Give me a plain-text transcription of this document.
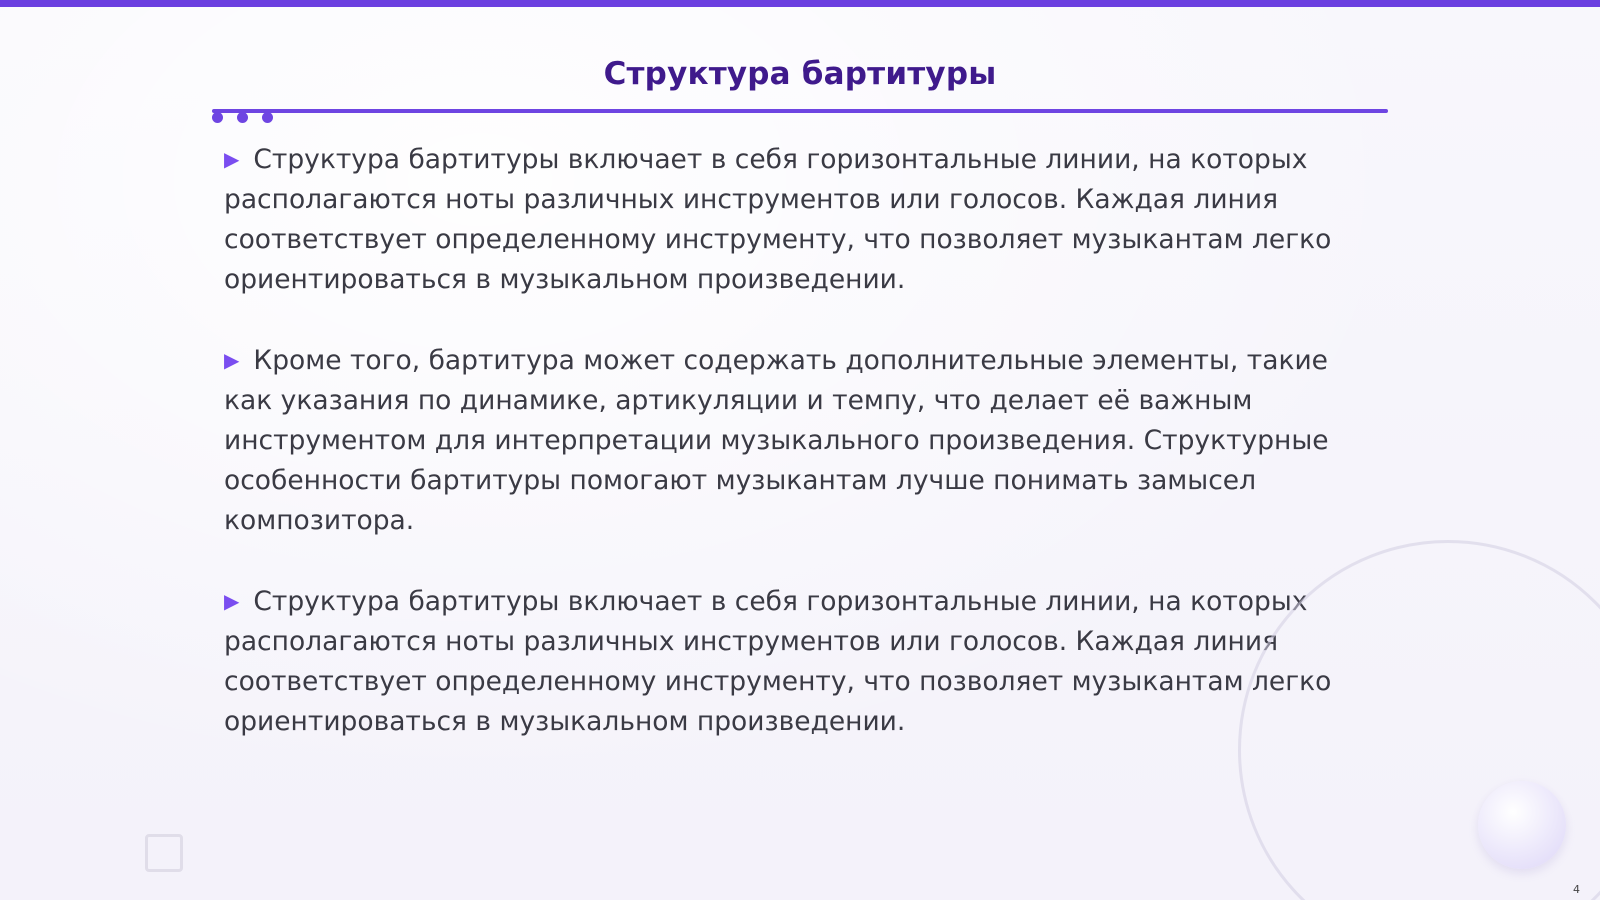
Структура бартитуры

▶ Структура бартитуры включает в себя горизонтальные линии, на которых располагаются ноты различных инструментов или голосов. Каждая линия соответствует определенному инструменту, что позволяет музыкантам легко ориентироваться в музыкальном произведении.

▶ Кроме того, бартитура может содержать дополнительные элементы, такие как указания по динамике, артикуляции и темпу, что делает её важным инструментом для интерпретации музыкального произведения. Структурные особенности бартитуры помогают музыкантам лучше понимать замысел композитора.

▶ Структура бартитуры включает в себя горизонтальные линии, на которых располагаются ноты различных инструментов или голосов. Каждая линия соответствует определенному инструменту, что позволяет музыкантам легко ориентироваться в музыкальном произведении.

4
